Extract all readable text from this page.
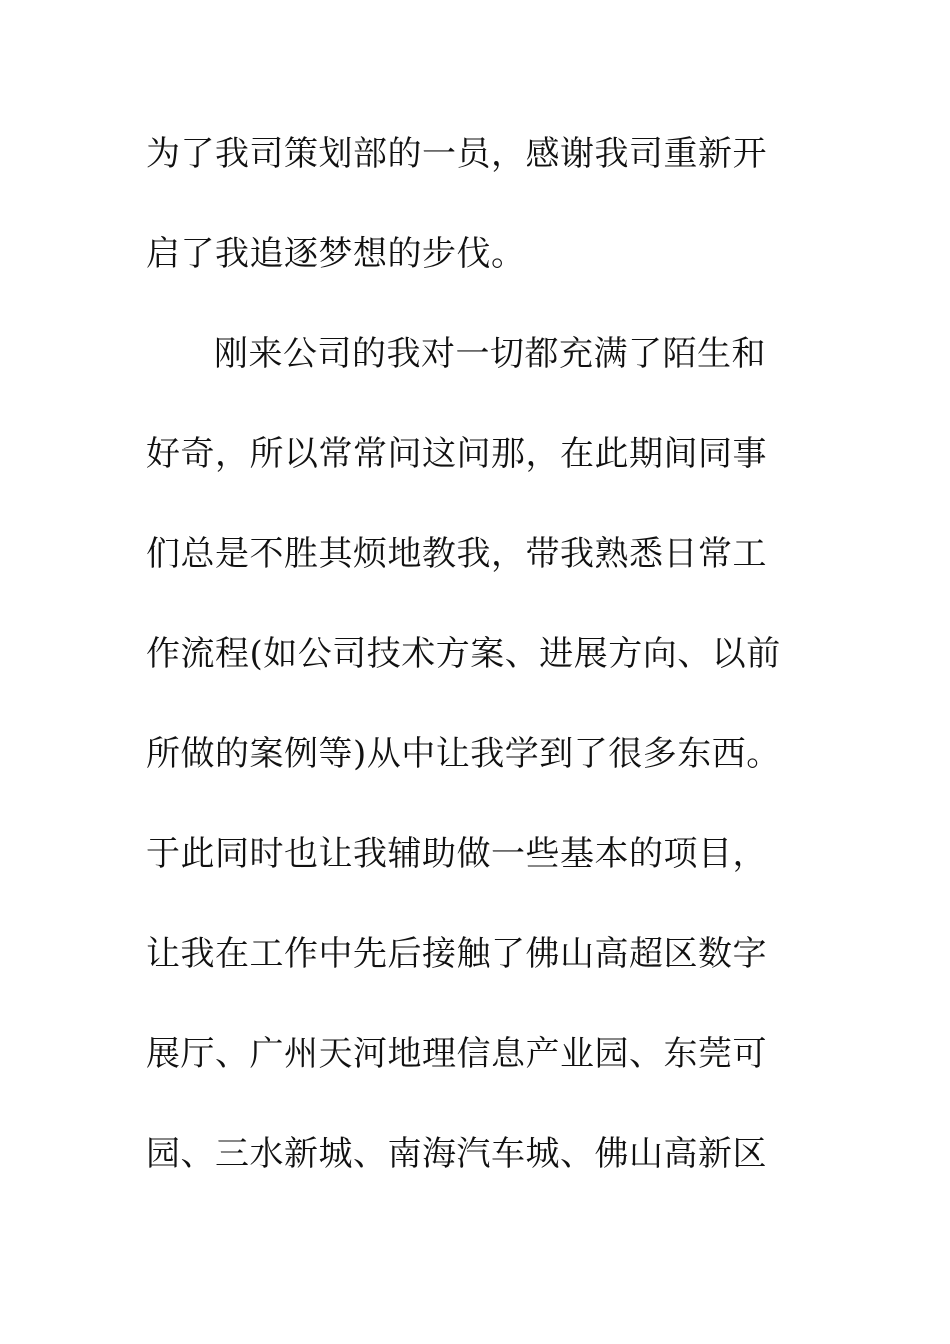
为了我司策划部的一员，感谢我司重新开
启了我追逐梦想的步伐。
刚来公司的我对一切都充满了陌生和
好奇，所以常常问这问那，在此期间同事
们总是不胜其烦地教我，带我熟悉日常工
作流程(如公司技术方案、进展方向、以前
所做的案例等)从中让我学到了很多东西。
于此同时也让我辅助做一些基本的项目，
让我在工作中先后接触了佛山高超区数字
展厅、广州天河地理信息产业园、东莞可
园、三水新城、南海汽车城、佛山高新区
